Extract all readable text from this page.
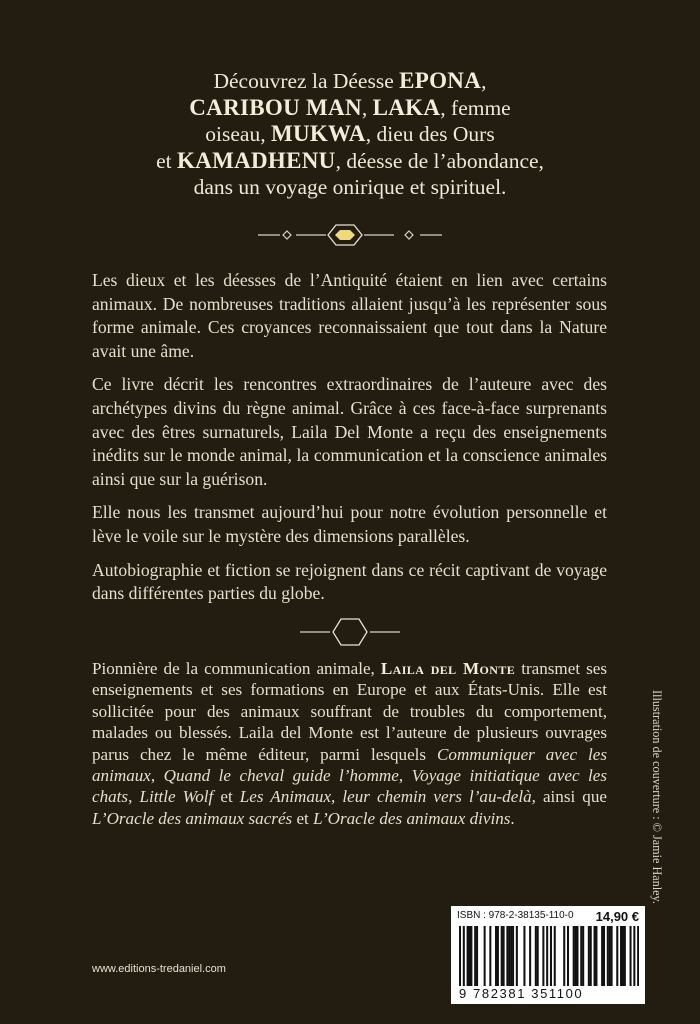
Découvrez la Déesse EPONA,
CARIBOU MAN, LAKA, femme
oiseau, MUKWA, dieu des Ours
et KAMADHENU, déesse de l’abondance,
dans un voyage onirique et spirituel.

Les dieux et les déesses de l’Antiquité étaient en lien avec certains animaux. De nombreuses traditions allaient jusqu’à les représenter sous forme animale. Ces croyances reconnaissaient que tout dans la Nature avait une âme.

Ce livre décrit les rencontres extraordinaires de l’auteure avec des archétypes divins du règne animal. Grâce à ces face-à-face surprenants avec des êtres surnaturels, Laila Del Monte a reçu des enseignements inédits sur le monde animal, la communication et la conscience animales ainsi que sur la guérison.

Elle nous les transmet aujourd’hui pour notre évolution personnelle et lève le voile sur le mystère des dimensions parallèles.

Autobiographie et fiction se rejoignent dans ce récit captivant de voyage dans différentes parties du globe.

Pionnière de la communication animale, Laila del Monte transmet ses enseignements et ses formations en Europe et aux États-Unis. Elle est sollicitée pour des animaux souffrant de troubles du comportement, malades ou blessés. Laila del Monte est l’auteure de plusieurs ouvrages parus chez le même éditeur, parmi lesquels Communiquer avec les animaux, Quand le cheval guide l’homme, Voyage initiatique avec les chats, Little Wolf et Les Animaux, leur chemin vers l’au-delà, ainsi que L’Oracle des animaux sacrés et L’Oracle des animaux divins.	Illustration de couverture : © Jamie Hanley.
ISBN : 978-2-38135-110-0 14,90 €
9 782381 351100
www.editions-tredaniel.com
